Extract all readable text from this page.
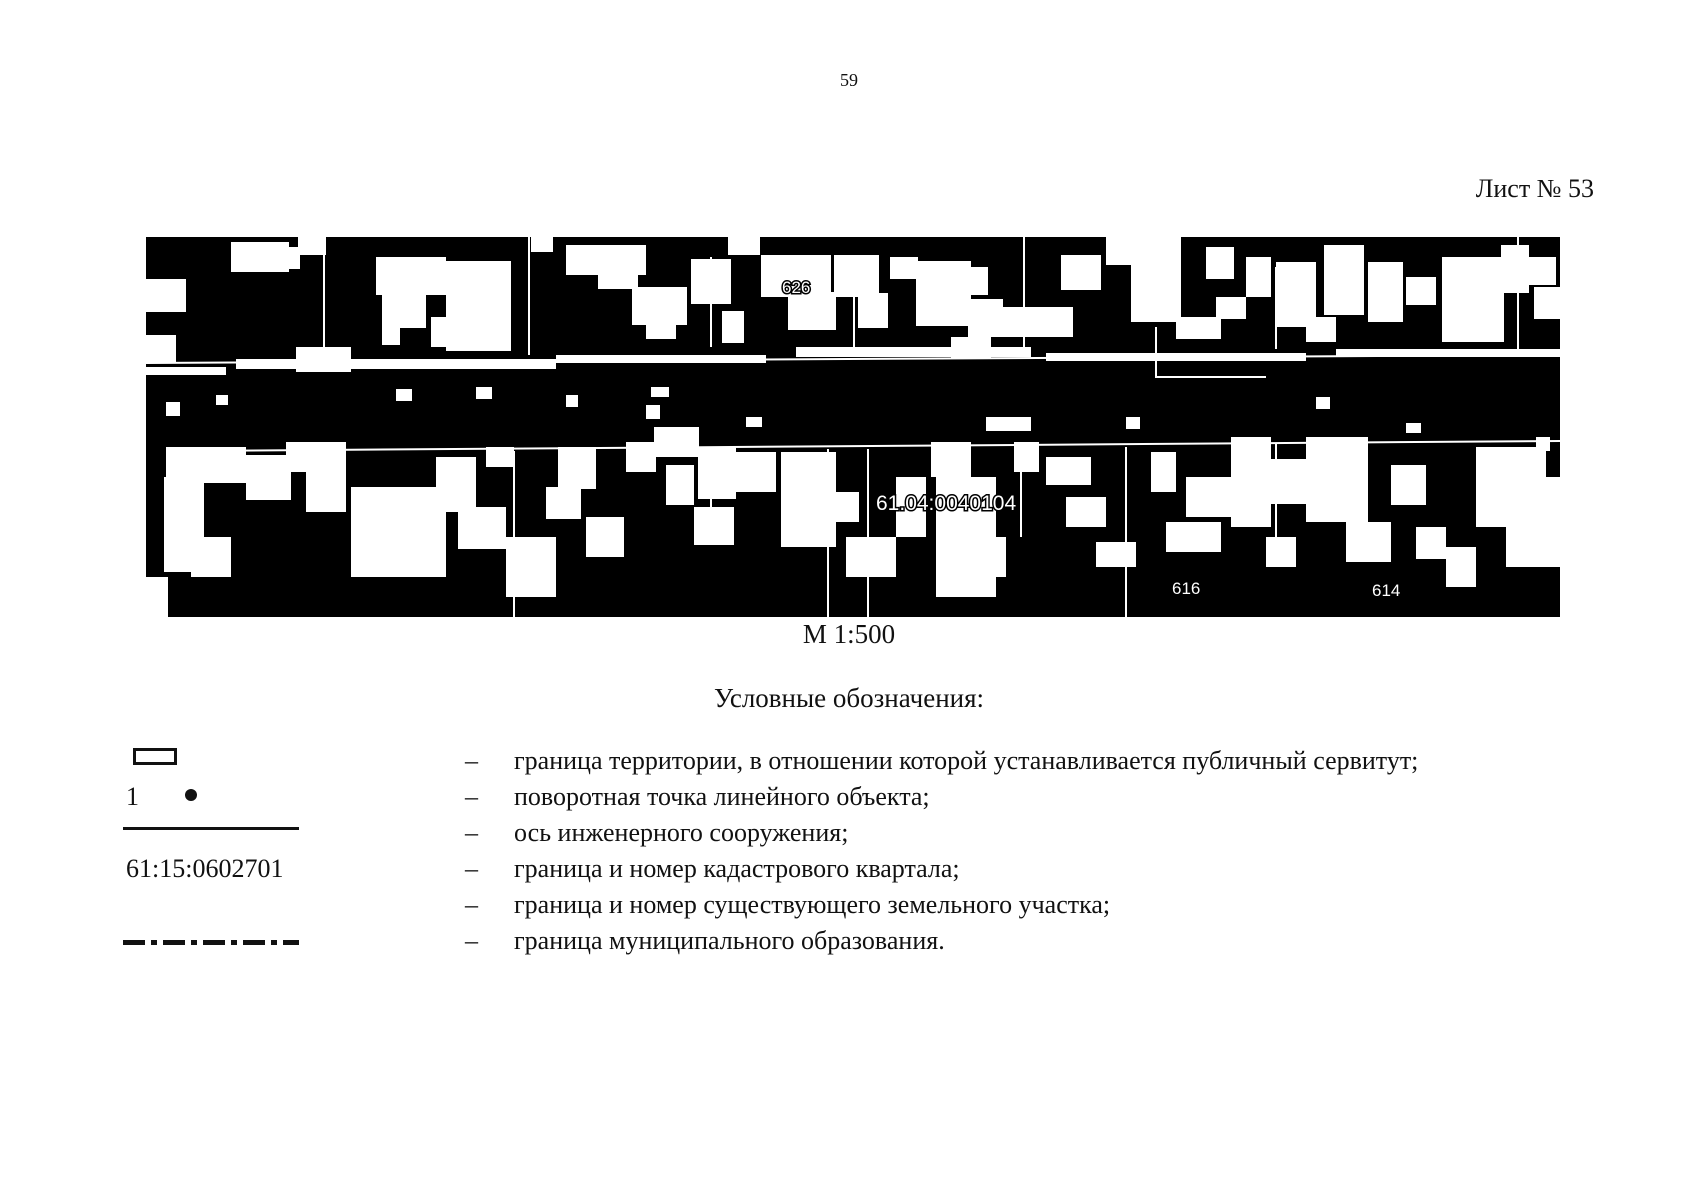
59
Лист № 53
626
61.04:0040104
616	614
М 1:500
Условные обозначения:
– граница территории, в отношении которой устанавливается публичный сервитут;
1	– поворотная точка линейного объекта;
– ось инженерного сооружения;
61:15:0602701	– граница и номер кадастрового квартала;
– граница и номер существующего земельного участка;
– граница муниципального образования.
